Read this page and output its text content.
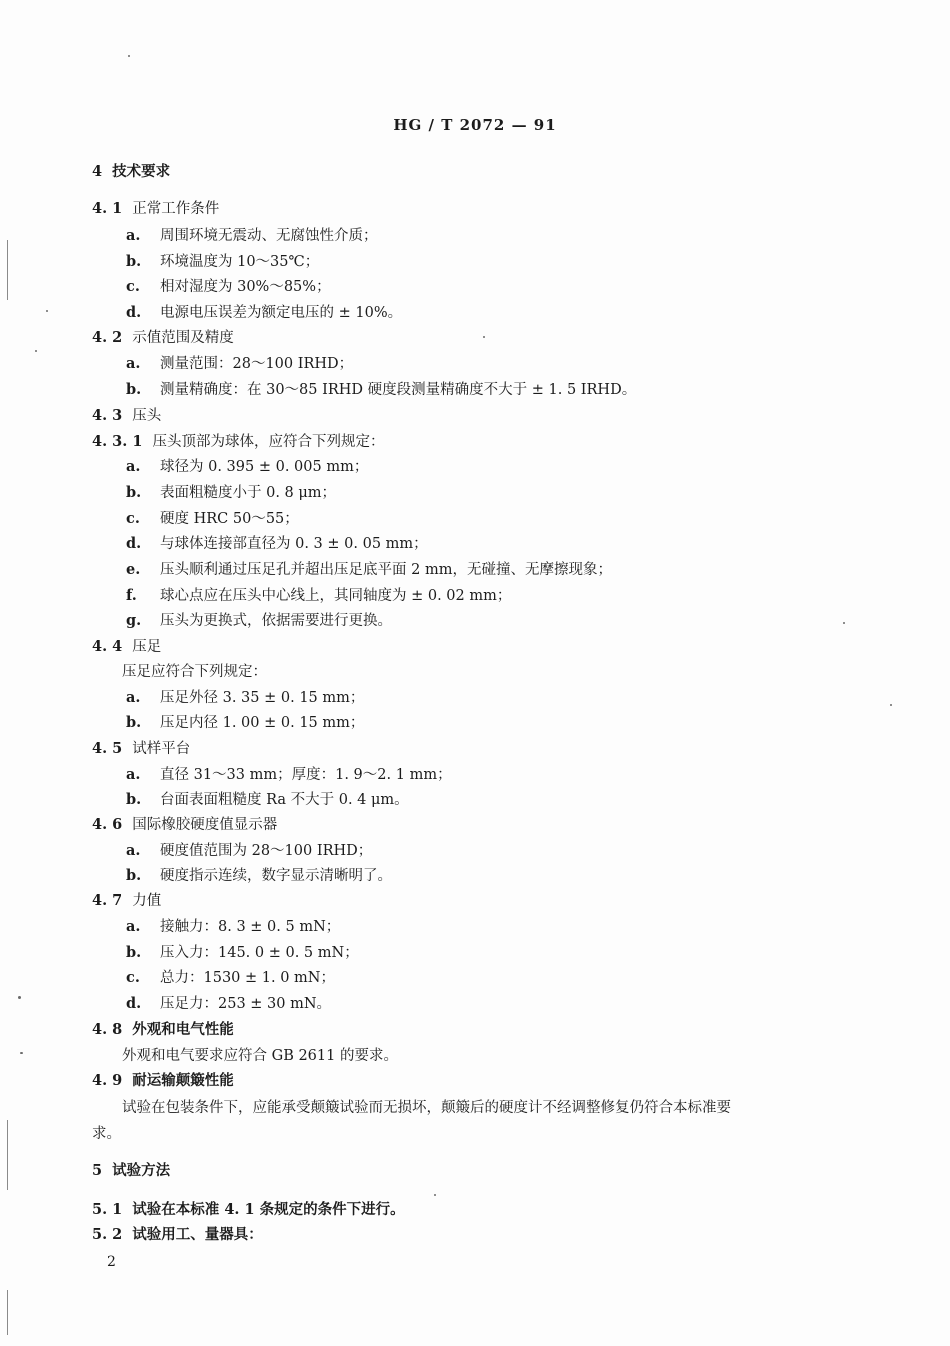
HG / T 2072 — 91
4 技术要求
4. 1 正常工作条件
a. 周围环境无震动、无腐蚀性介质；
b. 环境温度为 10～35℃；
c. 相对湿度为 30%～85%；
d. 电源电压误差为额定电压的 ± 10%。
4. 2 示值范围及精度
a. 测量范围：28～100 IRHD；
b. 测量精确度：在 30～85 IRHD 硬度段测量精确度不大于 ± 1. 5 IRHD。
4. 3 压头
4. 3. 1 压头顶部为球体，应符合下列规定：
a. 球径为 0. 395 ± 0. 005 mm；
b. 表面粗糙度小于 0. 8 μm；
c. 硬度 HRC 50～55；
d. 与球体连接部直径为 0. 3 ± 0. 05 mm；
e. 压头顺利通过压足孔并超出压足底平面 2 mm，无碰撞、无摩擦现象；
f. 球心点应在压头中心线上，其同轴度为 ± 0. 02 mm；
g. 压头为更换式，依据需要进行更换。
4. 4 压足
压足应符合下列规定：
a. 压足外径 3. 35 ± 0. 15 mm；
b. 压足内径 1. 00 ± 0. 15 mm；
4. 5 试样平台
a. 直径 31～33 mm；厚度：1. 9～2. 1 mm；
b. 台面表面粗糙度 Ra 不大于 0. 4 μm。
4. 6 国际橡胶硬度值显示器
a. 硬度值范围为 28～100 IRHD；
b. 硬度指示连续，数字显示清晰明了。
4. 7 力值
a. 接触力：8. 3 ± 0. 5 mN；
b. 压入力：145. 0 ± 0. 5 mN；
c. 总力：1530 ± 1. 0 mN；
d. 压足力：253 ± 30 mN。
4. 8 外观和电气性能
外观和电气要求应符合 GB 2611 的要求。
4. 9 耐运输颠簸性能
试验在包装条件下，应能承受颠簸试验而无损坏，颠簸后的硬度计不经调整修复仍符合本标准要
求。
5 试验方法
5. 1 试验在本标准 4. 1 条规定的条件下进行。
5. 2 试验用工、量器具：
2
